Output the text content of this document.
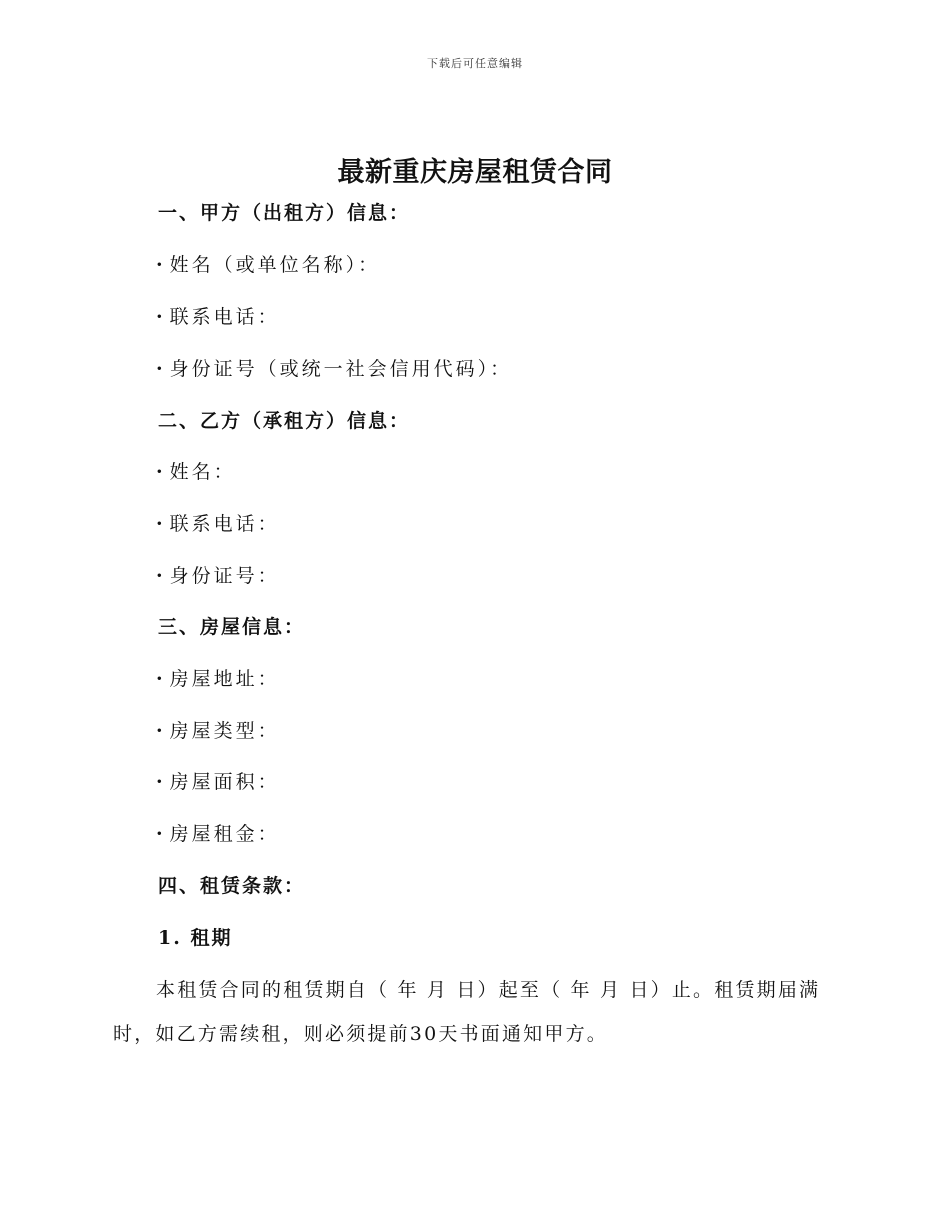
下载后可任意编辑
最新重庆房屋租赁合同
一、甲方（出租方）信息：
· 姓名（或单位名称）：
· 联系电话：
· 身份证号（或统一社会信用代码）：
二、乙方（承租方）信息：
· 姓名：
· 联系电话：
· 身份证号：
三、房屋信息：
· 房屋地址：
· 房屋类型：
· 房屋面积：
· 房屋租金：
四、租赁条款：
1. 租期

本租赁合同的租赁期自（ 年 月 日）起至（ 年 月 日）止。租赁期届满时，如乙方需续租，则必须提前30天书面通知甲方。
